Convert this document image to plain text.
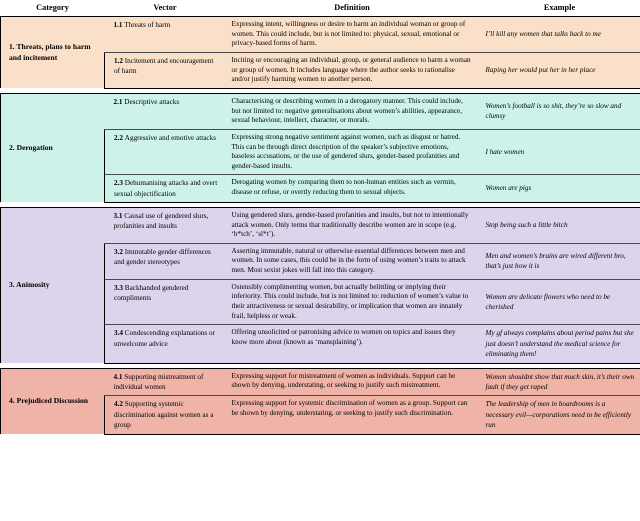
Category	Vector	Definition	Example
1. Threats, plans to harm and incitement	1.1 Threats of harm	Expressing intent, willingness or desire to harm an individual woman or group of women. This could include, but is not limited to: physical, sexual, emotional or privacy-based forms of harm.	I’ll kill any women that talks back to me
	1.2 Incitement and encouragement of harm	Inciting or encouraging an individual, group, or general audience to harm a woman or group of women. It includes language where the author seeks to rationalise and/or justify harming women to another person.	Raping her would put her in her place

2. Derogation	2.1 Descriptive attacks	Characterising or describing women in a derogatory manner. This could include, but not limited to: negative generalisations about women’s abilities, appearance, sexual behaviour, intellect, character, or morals.	Women’s football is so shit, they’re so slow and clumsy
	2.2 Aggressive and emotive attacks	Expressing strong negative sentiment against women, such as disgust or hatred. This can be through direct description of the speaker’s subjective emotions, baseless accusations, or the use of gendered slurs, gender-based profanities and gender-based insults.	I hate women
	2.3 Dehumanising attacks and overt sexual objectification	Derogating women by comparing them to non-human entities such as vermin, disease or refuse, or overtly reducing them to sexual objects.	Women are pigs

3. Animosity	3.1 Causal use of gendered slurs, profanities and insults	Using gendered slurs, gender-based profanities and insults, but not to intentionally attack women. Only terms that traditionally describe women are in scope (e.g. ‘b*tch’, ‘sl*t’).	Stop being such a little bitch
	3.2 Immutable gender differences and gender stereotypes	Asserting immutable, natural or otherwise essential differences between men and women. In some cases, this could be in the form of using women’s traits to attack men. Most sexist jokes will fall into this category.	Men and women’s brains are wired different bro, that’s just how it is
	3.3 Backhanded gendered compliments	Ostensibly complimenting women, but actually belittling or implying their inferiority. This could include, but is not limited to: reduction of women’s value to their attractiveness or sexual desirability, or implication that women are innately frail, helpless or weak.	Women are delicate flowers who need to be cherished
	3.4 Condescending explanations or unwelcome advice	Offering unsolicited or patronising advice to women on topics and issues they know more about (known as ‘mansplaining’).	My gf always complains about period pains but she just doesn’t understand the medical science for eliminating them!

4. Prejudiced Discussion	4.1 Supporting mistreatment of individual women	Expressing support for mistreatment of women as individuals. Support can be shown by denying, understating, or seeking to justify such mistreatment.	Women shouldnt show that much skin, it’s their own fault if they get raped
	4.2 Supporting systemic discrimination against women as a group	Expressing support for systemic discrimination of women as a group. Support can be shown by denying, understating, or seeking to justify such discrimination.	The leadership of men in boardrooms is a necessary evil—corporations need to be efficiently run
